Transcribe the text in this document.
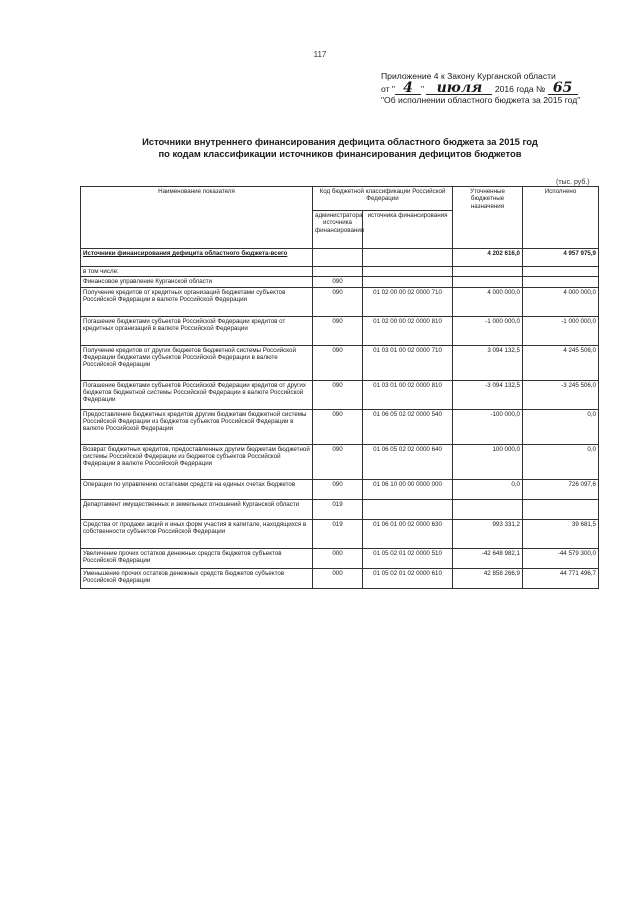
117
Приложение 4 к Закону Курганской области
от " 4 " июля 2016 года № 65
"Об исполнении областного бюджета за 2015 год"
Источники внутреннего финансирования дефицита областного бюджета за 2015 год
по кодам классификации источников финансирования дефицитов бюджетов
(тыс. руб.)
Наименование показателя	Код бюджетной классификации Российской Федерации		Уточненные бюджетные назначения	Исполнено
	администратора источника финансирования	источника финансирования		
Источники финансирования дефицита областного бюджета-всего			4 202 616,0	4 957 975,9
в том числе:				
Финансовое управление Курганской области	090			
Получение кредитов от кредитных организаций бюджетами субъектов Российской Федерации в валюте Российской Федерации	090	01 02 00 00 02 0000 710	4 000 000,0	4 000 000,0
Погашение бюджетами субъектов Российской Федерации кредитов от кредитных организаций в валюте Российской Федерации	090	01 02 00 00 02 0000 810	-1 000 000,0	-1 000 000,0
Получение кредитов от других бюджетов бюджетной системы Российской Федерации бюджетами субъектов Российской Федерации в валюте Российской Федерации	090	01 03 01 00 02 0000 710	3 094 132,5	4 245 506,0
Погашение бюджетами субъектов Российской Федерации кредитов от других бюджетов бюджетной системы Российской Федерации в валюте Российской Федерации	090	01 03 01 00 02 0000 810	-3 094 132,5	-3 245 506,0
Предоставление бюджетных кредитов другим бюджетам бюджетной системы Российской Федерации из бюджетов субъектов Российской Федерации в валюте Российской Федерации	090	01 06 05 02 02 0000 540	-100 000,0	0,0
Возврат бюджетных кредитов, предоставленных другим бюджетам бюджетной системы Российской Федерации из бюджетов субъектов Российской Федерации в валюте Российской Федерации	090	01 06 05 02 02 0000 640	100 000,0	0,0
Операции по управлению остатками средств на единых счетах бюджетов	090	01 06 10 00 00 0000 000	0,0	726 097,6
Департамент имущественных и земельных отношений Курганской области	019			
Средства от продажи акций и иных форм участия в капитале, находящихся в собственности субъектов Российской Федерации	019	01 06 01 00 02 0000 630	993 331,2	39 681,5
Увеличение прочих остатков денежных средств бюджетов субъектов Российской Федерации	000	01 05 02 01 02 0000 510	-42 648 982,1	-44 579 300,0
Уменьшение прочих остатков денежных средств бюджетов субъектов Российской Федерации	000	01 05 02 01 02 0000 610	42 858 266,9	44 771 496,7
